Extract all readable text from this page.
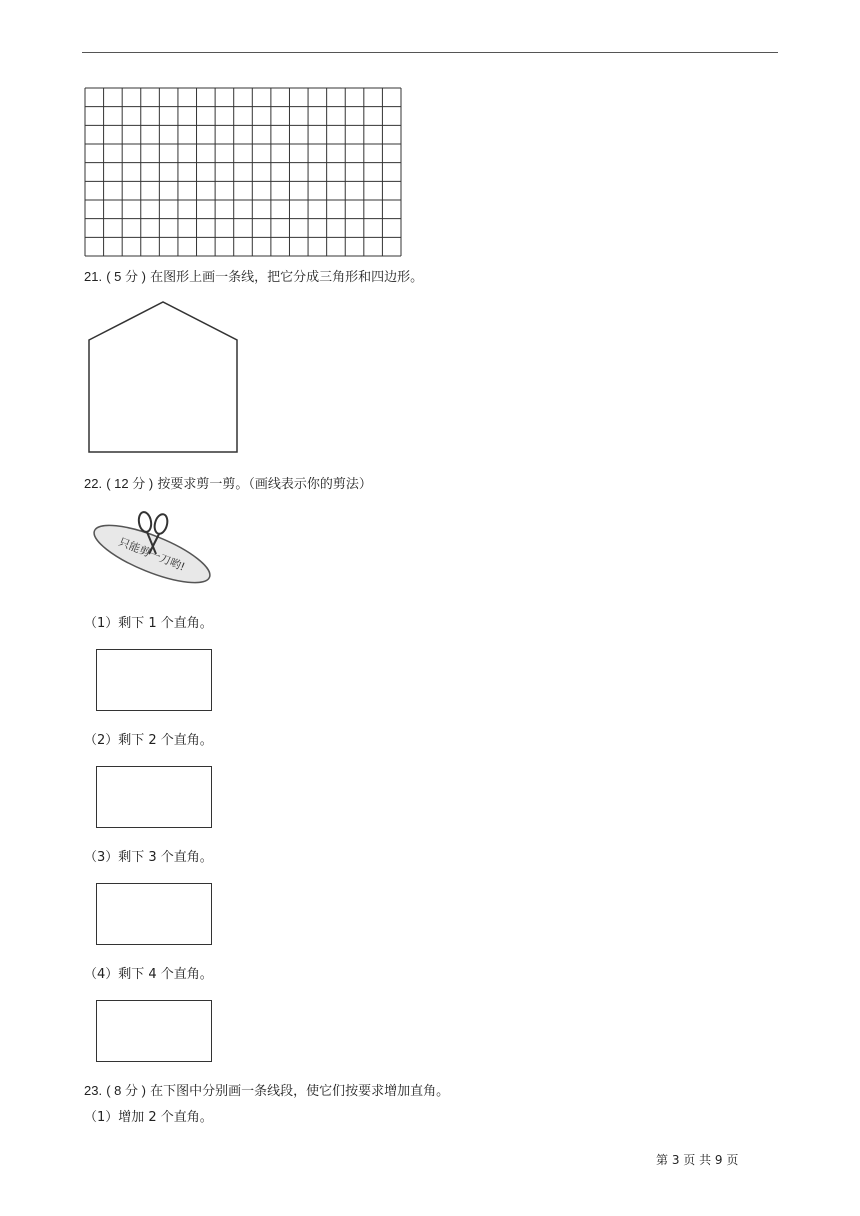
21. ( 5 分 ) 在图形上画一条线，把它分成三角形和四边形。
22. ( 12 分 ) 按要求剪一剪。（画线表示你的剪法）
只能剪一刀哟!
（1）剩下 1 个直角。
（2）剩下 2 个直角。
（3）剩下 3 个直角。
（4）剩下 4 个直角。
23. ( 8 分 ) 在下图中分别画一条线段，使它们按要求增加直角。
（1）增加 2 个直角。
第 3 页 共 9 页
